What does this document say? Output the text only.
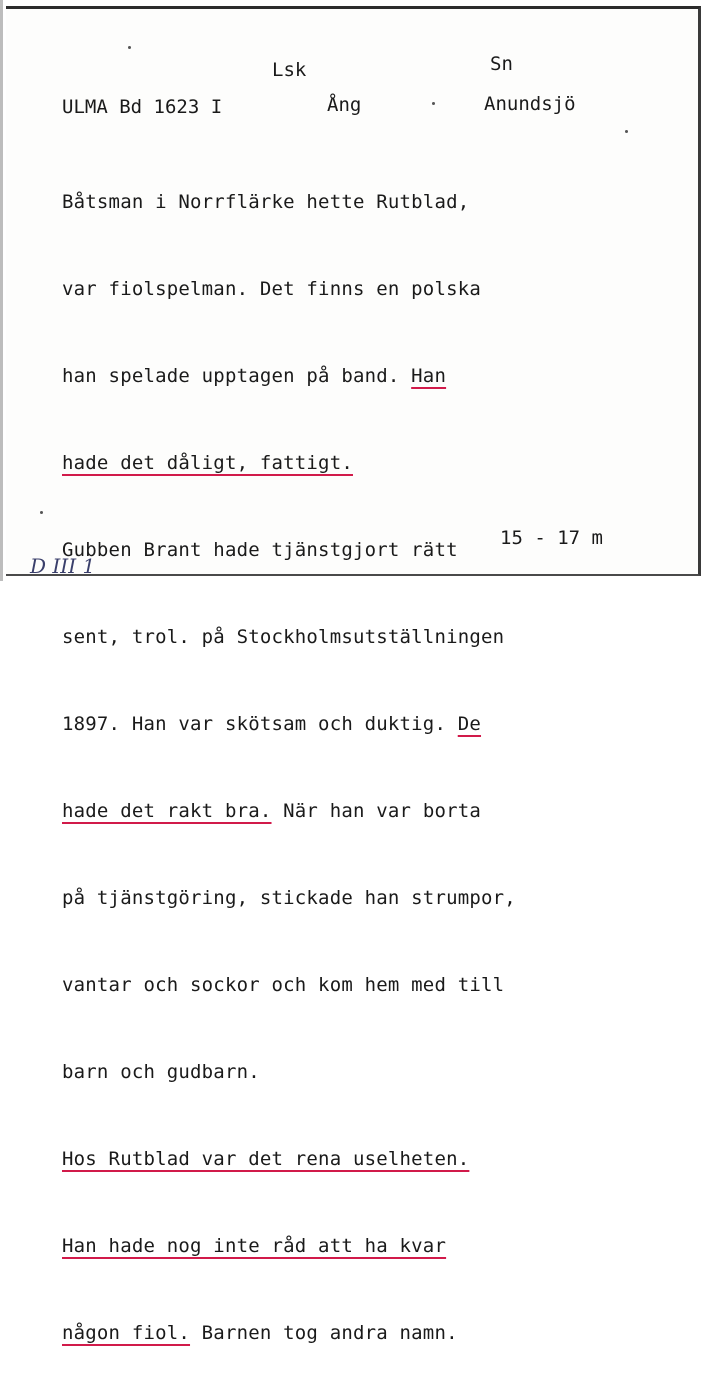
Lsk	Sn
ULMA Bd 1623 I	Ång	Anundsjö

Båtsman i Norrflärke hette Rutblad,

var fiolspelman. Det finns en polska

han spelade upptagen på band. Han

hade det dåligt, fattigt.

Gubben Brant hade tjänstgjort rätt

sent, trol. på Stockholmsutställningen

1897. Han var skötsam och duktig. De

hade det rakt bra. När han var borta

på tjänstgöring, stickade han strumpor,

vantar och sockor och kom hem med till

barn och gudbarn.

Hos Rutblad var det rena uselheten.

Han hade nog inte råd att ha kvar

någon fiol. Barnen tog andra namn.

15 - 17 m
D III 1
